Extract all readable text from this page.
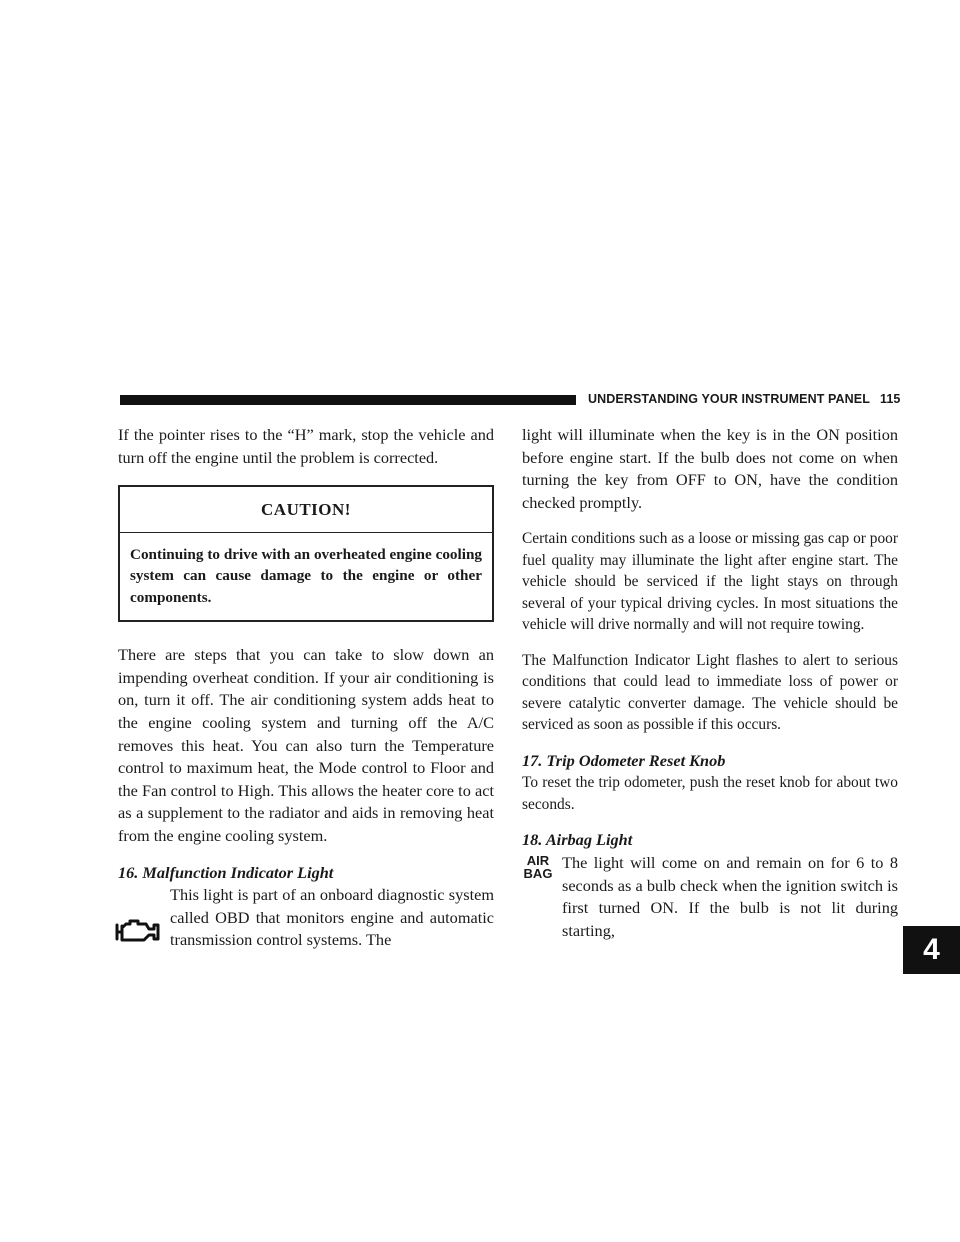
UNDERSTANDING YOUR INSTRUMENT PANEL 115
4

If the pointer rises to the “H” mark, stop the vehicle and turn off the engine until the problem is corrected.

CAUTION!
Continuing to drive with an overheated engine cooling system can cause damage to the engine or other components.

There are steps that you can take to slow down an impending overheat condition. If your air conditioning is on, turn it off. The air conditioning system adds heat to the engine cooling system and turning off the A/C removes this heat. You can also turn the Temperature control to maximum heat, the Mode control to Floor and the Fan control to High. This allows the heater core to act as a supplement to the radiator and aids in removing heat from the engine cooling system.

16. Malfunction Indicator Light

This light is part of an onboard diagnostic system called OBD that monitors engine and automatic transmission control systems. The

light will illuminate when the key is in the ON position before engine start. If the bulb does not come on when turning the key from OFF to ON, have the condition checked promptly.

Certain conditions such as a loose or missing gas cap or poor fuel quality may illuminate the light after engine start. The vehicle should be serviced if the light stays on through several of your typical driving cycles. In most situations the vehicle will drive normally and will not require towing.

The Malfunction Indicator Light flashes to alert to serious conditions that could lead to immediate loss of power or severe catalytic converter damage. The vehicle should be serviced as soon as possible if this occurs.

17. Trip Odometer Reset Knob

To reset the trip odometer, push the reset knob for about two seconds.

18. Airbag Light

AIR
BAG
The light will come on and remain on for 6 to 8 seconds as a bulb check when the ignition switch is first turned ON. If the bulb is not lit during starting,
